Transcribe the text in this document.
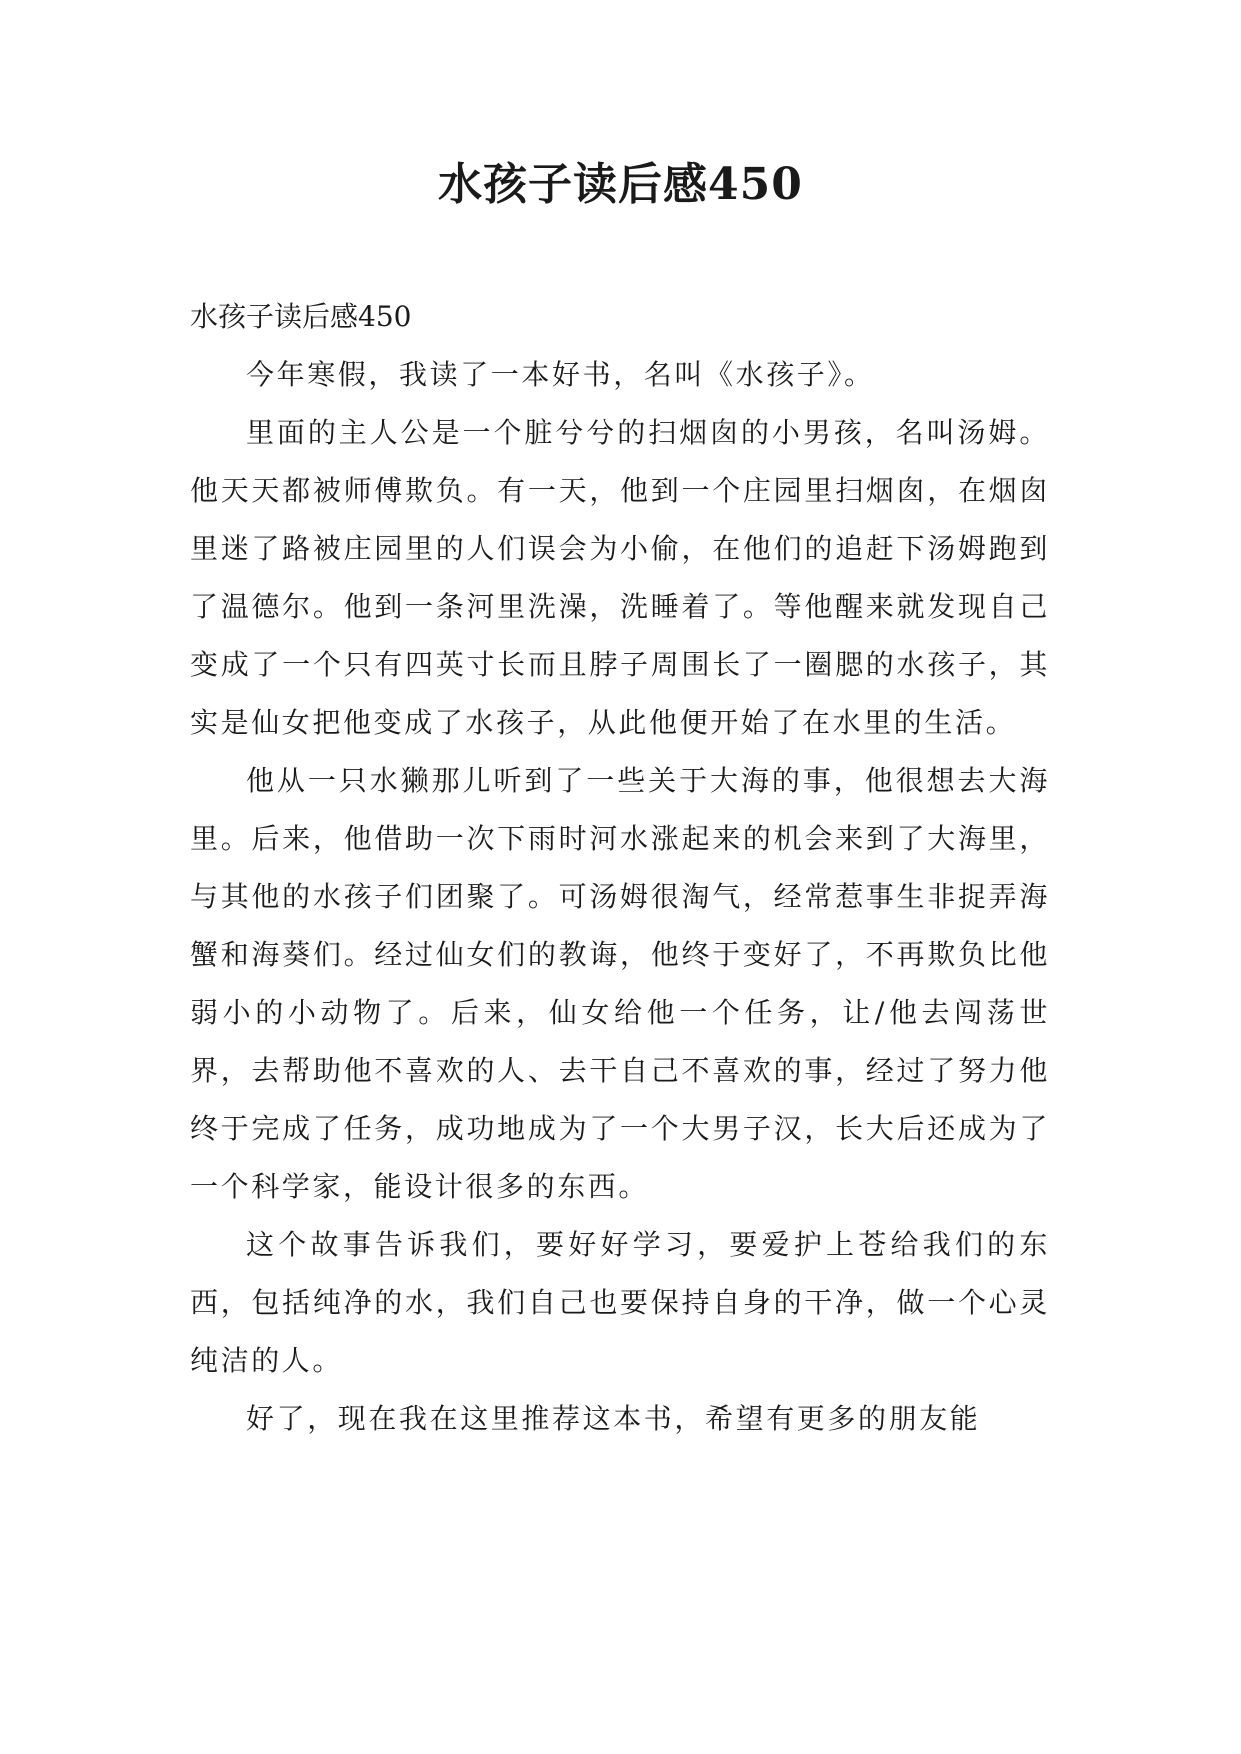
水孩子读后感450

水孩子读后感450

今年寒假，我读了一本好书，名叫《水孩子》。

里面的主人公是一个脏兮兮的扫烟囱的小男孩，名叫汤姆。他天天都被师傅欺负。有一天，他到一个庄园里扫烟囱，在烟囱里迷了路被庄园里的人们误会为小偷，在他们的追赶下汤姆跑到了温德尔。他到一条河里洗澡，洗睡着了。等他醒来就发现自己变成了一个只有四英寸长而且脖子周围长了一圈腮的水孩子，其实是仙女把他变成了水孩子，从此他便开始了在水里的生活。

他从一只水獭那儿听到了一些关于大海的事，他很想去大海里。后来，他借助一次下雨时河水涨起来的机会来到了大海里，与其他的水孩子们团聚了。可汤姆很淘气，经常惹事生非捉弄海蟹和海葵们。经过仙女们的教诲，他终于变好了，不再欺负比他弱小的小动物了。后来，仙女给他一个任务，让/他去闯荡世界，去帮助他不喜欢的人、去干自己不喜欢的事，经过了努力他终于完成了任务，成功地成为了一个大男子汉，长大后还成为了一个科学家，能设计很多的东西。

这个故事告诉我们，要好好学习，要爱护上苍给我们的东西，包括纯净的水，我们自己也要保持自身的干净，做一个心灵纯洁的人。

好了，现在我在这里推荐这本书，希望有更多的朋友能
